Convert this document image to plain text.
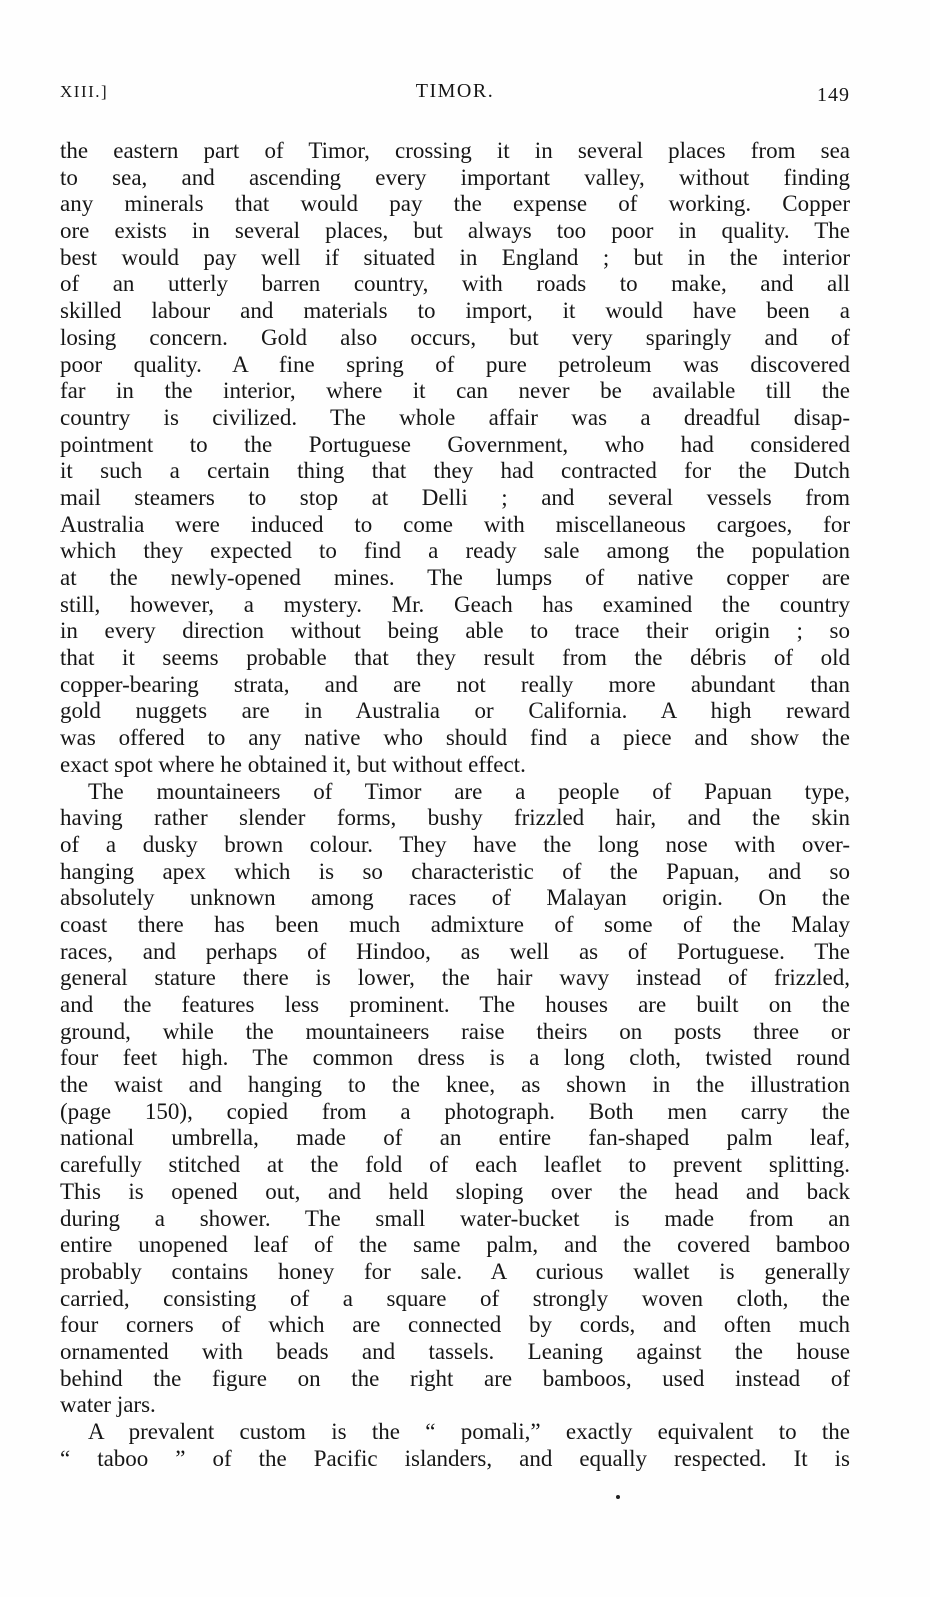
XIII.]	TIMOR.	149
the eastern part of Timor, crossing it in several places from sea
to sea, and ascending every important valley, without finding
any minerals that would pay the expense of working. Copper
ore exists in several places, but always too poor in quality. The
best would pay well if situated in England ; but in the interior
of an utterly barren country, with roads to make, and all
skilled labour and materials to import, it would have been a
losing concern. Gold also occurs, but very sparingly and of
poor quality. A fine spring of pure petroleum was discovered
far in the interior, where it can never be available till the
country is civilized. The whole affair was a dreadful disap-
pointment to the Portuguese Government, who had considered
it such a certain thing that they had contracted for the Dutch
mail steamers to stop at Delli ; and several vessels from
Australia were induced to come with miscellaneous cargoes, for
which they expected to find a ready sale among the population
at the newly-opened mines. The lumps of native copper are
still, however, a mystery. Mr. Geach has examined the country
in every direction without being able to trace their origin ; so
that it seems probable that they result from the débris of old
copper-bearing strata, and are not really more abundant than
gold nuggets are in Australia or California. A high reward
was offered to any native who should find a piece and show the
exact spot where he obtained it, but without effect.
The mountaineers of Timor are a people of Papuan type,
having rather slender forms, bushy frizzled hair, and the skin
of a dusky brown colour. They have the long nose with over-
hanging apex which is so characteristic of the Papuan, and so
absolutely unknown among races of Malayan origin. On the
coast there has been much admixture of some of the Malay
races, and perhaps of Hindoo, as well as of Portuguese. The
general stature there is lower, the hair wavy instead of frizzled,
and the features less prominent. The houses are built on the
ground, while the mountaineers raise theirs on posts three or
four feet high. The common dress is a long cloth, twisted round
the waist and hanging to the knee, as shown in the illustration
(page 150), copied from a photograph. Both men carry the
national umbrella, made of an entire fan-shaped palm leaf,
carefully stitched at the fold of each leaflet to prevent splitting.
This is opened out, and held sloping over the head and back
during a shower. The small water-bucket is made from an
entire unopened leaf of the same palm, and the covered bamboo
probably contains honey for sale. A curious wallet is generally
carried, consisting of a square of strongly woven cloth, the
four corners of which are connected by cords, and often much
ornamented with beads and tassels. Leaning against the house
behind the figure on the right are bamboos, used instead of
water jars.
A prevalent custom is the “ pomali,” exactly equivalent to the
“ taboo ” of the Pacific islanders, and equally respected. It is
